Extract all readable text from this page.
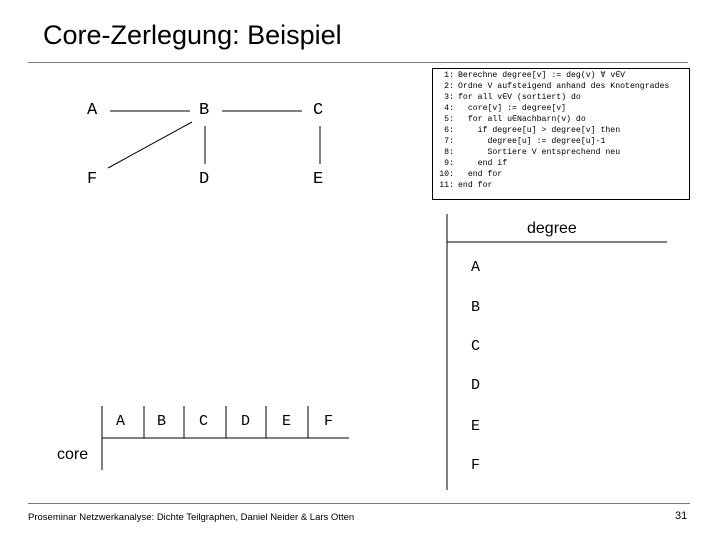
Core-Zerlegung: Beispiel
A	B	C
F	D	E
1: Berechne degree[v] := deg(v) ∀ v∈V
2: Ordne V aufsteigend anhand des Knotengrades
3: for all v∈V (sortiert) do
4:  core[v] := degree[v]
5:  for all u∈Nachbarn(v) do
6:    if degree[u] > degree[v] then
7:      degree[u] := degree[u]-1
8:      Sortiere V entsprechend neu
9:    end if
10:  end for
11: end for
degree
A
B
C
D
E
F
A B C D E F
core
Proseminar Netzwerkanalyse: Dichte Teilgraphen, Daniel Neider & Lars Otten	31
